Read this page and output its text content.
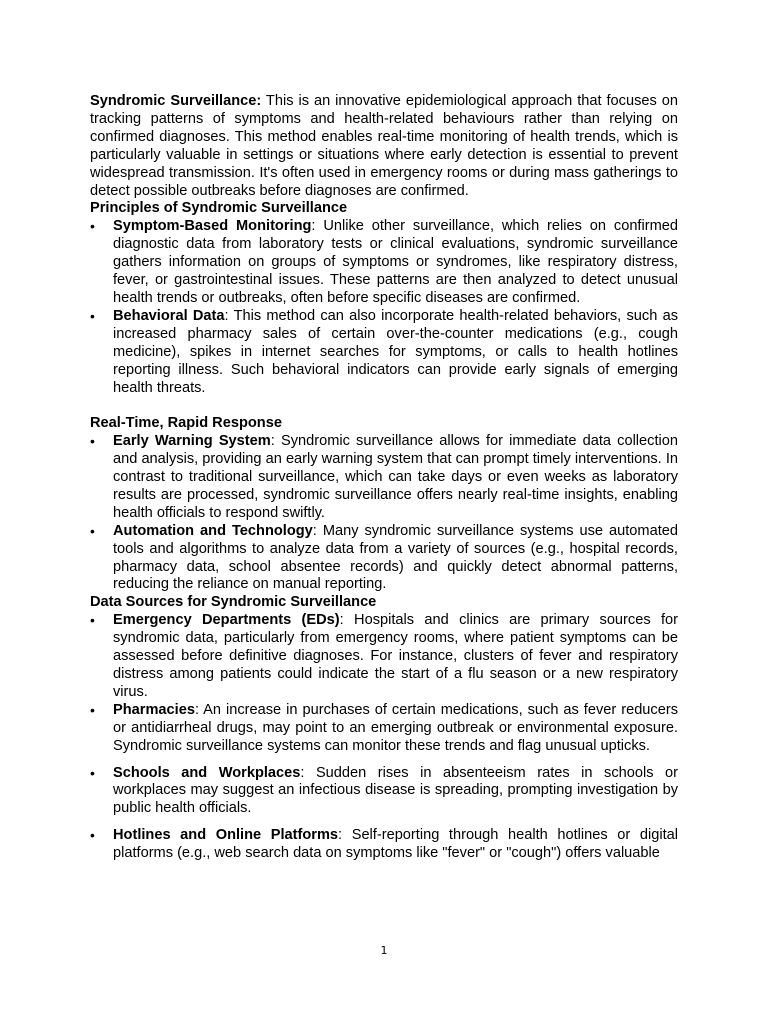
Syndromic Surveillance: This is an innovative epidemiological approach that focuses on tracking patterns of symptoms and health-related behaviours rather than relying on confirmed diagnoses. This method enables real-time monitoring of health trends, which is particularly valuable in settings or situations where early detection is essential to prevent widespread transmission. It's often used in emergency rooms or during mass gatherings to detect possible outbreaks before diagnoses are confirmed.

Principles of Syndromic Surveillance
• Symptom-Based Monitoring: Unlike other surveillance, which relies on confirmed diagnostic data from laboratory tests or clinical evaluations, syndromic surveillance gathers information on groups of symptoms or syndromes, like respiratory distress, fever, or gastrointestinal issues. These patterns are then analyzed to detect unusual health trends or outbreaks, often before specific diseases are confirmed.
• Behavioral Data: This method can also incorporate health-related behaviors, such as increased pharmacy sales of certain over-the-counter medications (e.g., cough medicine), spikes in internet searches for symptoms, or calls to health hotlines reporting illness. Such behavioral indicators can provide early signals of emerging health threats.
Real-Time, Rapid Response
• Early Warning System: Syndromic surveillance allows for immediate data collection and analysis, providing an early warning system that can prompt timely interventions. In contrast to traditional surveillance, which can take days or even weeks as laboratory results are processed, syndromic surveillance offers nearly real-time insights, enabling health officials to respond swiftly.
• Automation and Technology: Many syndromic surveillance systems use automated tools and algorithms to analyze data from a variety of sources (e.g., hospital records, pharmacy data, school absentee records) and quickly detect abnormal patterns, reducing the reliance on manual reporting.
Data Sources for Syndromic Surveillance
• Emergency Departments (EDs): Hospitals and clinics are primary sources for syndromic data, particularly from emergency rooms, where patient symptoms can be assessed before definitive diagnoses. For instance, clusters of fever and respiratory distress among patients could indicate the start of a flu season or a new respiratory virus.
• Pharmacies: An increase in purchases of certain medications, such as fever reducers or antidiarrheal drugs, may point to an emerging outbreak or environmental exposure. Syndromic surveillance systems can monitor these trends and flag unusual upticks.
• Schools and Workplaces: Sudden rises in absenteeism rates in schools or workplaces may suggest an infectious disease is spreading, prompting investigation by public health officials.
• Hotlines and Online Platforms: Self-reporting through health hotlines or digital platforms (e.g., web search data on symptoms like "fever" or "cough") offers valuable
1
